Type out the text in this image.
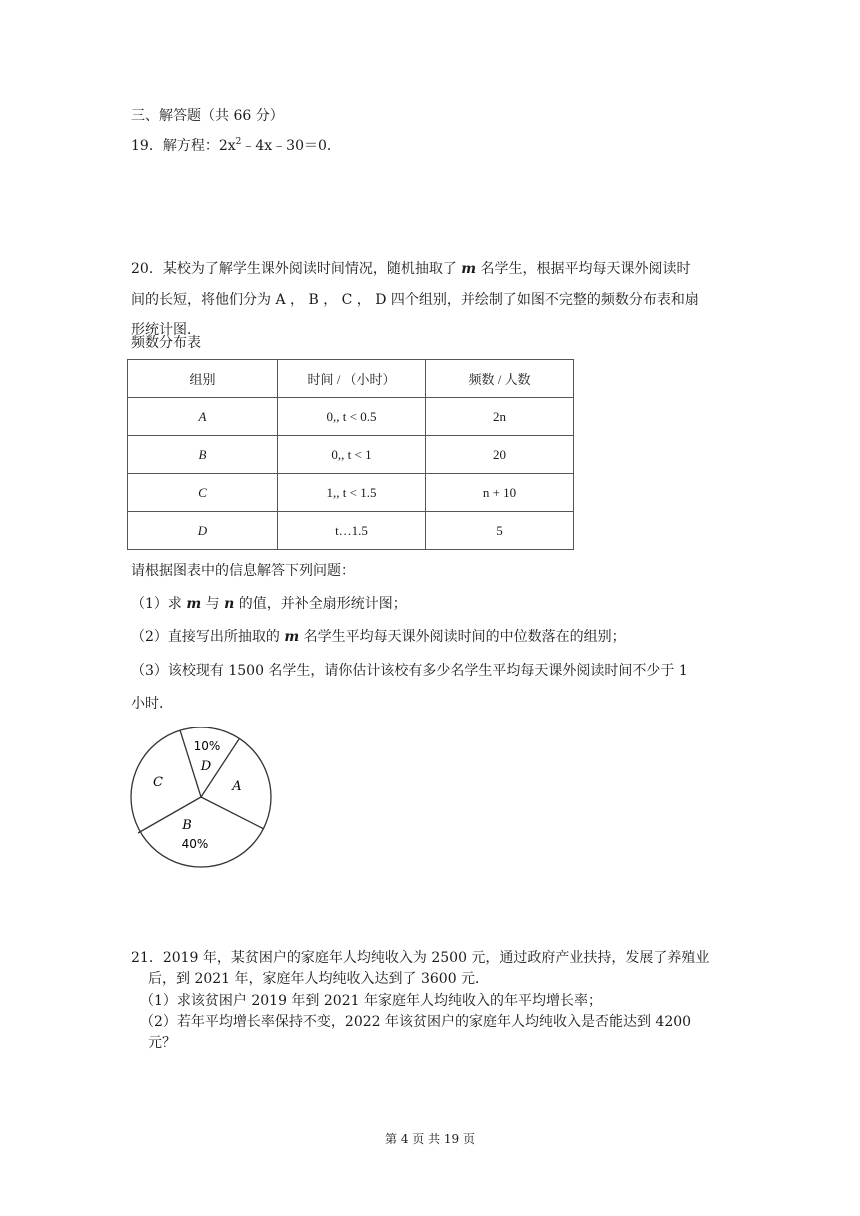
三、解答题（共 66 分）
19．解方程：$2x^2﹣4x﹣30=0$．
20．某校为了解学生课外阅读时间情况，随机抽取了 m 名学生，根据平均每天课外阅读时
间的长短，将他们分为 A ， B ， C ， D 四个组别，并绘制了如图不完整的频数分布表和扇
形统计图．
频数分布表
组别	时间 / （小时）	频数 / 人数
A	0,, t < 0.5	2n
B	0,, t < 1	20
C	1,, t < 1.5	n + 10
D	t…1.5	5
请根据图表中的信息解答下列问题：
（1）求 m 与 n 的值，并补全扇形统计图；
（2）直接写出所抽取的 m 名学生平均每天课外阅读时间的中位数落在的组别；
（3）该校现有 1500 名学生，请你估计该校有多少名学生平均每天课外阅读时间不少于 1
小时．
10%
D
A
C
B
40%
21．2019 年，某贫困户的家庭年人均纯收入为 2500 元，通过政府产业扶持，发展了养殖业
后，到 2021 年，家庭年人均纯收入达到了 3600 元．
（1）求该贫困户 2019 年到 2021 年家庭年人均纯收入的年平均增长率；
（2）若年平均增长率保持不变，2022 年该贫困户的家庭年人均纯收入是否能达到 4200
元？
第 4 页 共 19 页
